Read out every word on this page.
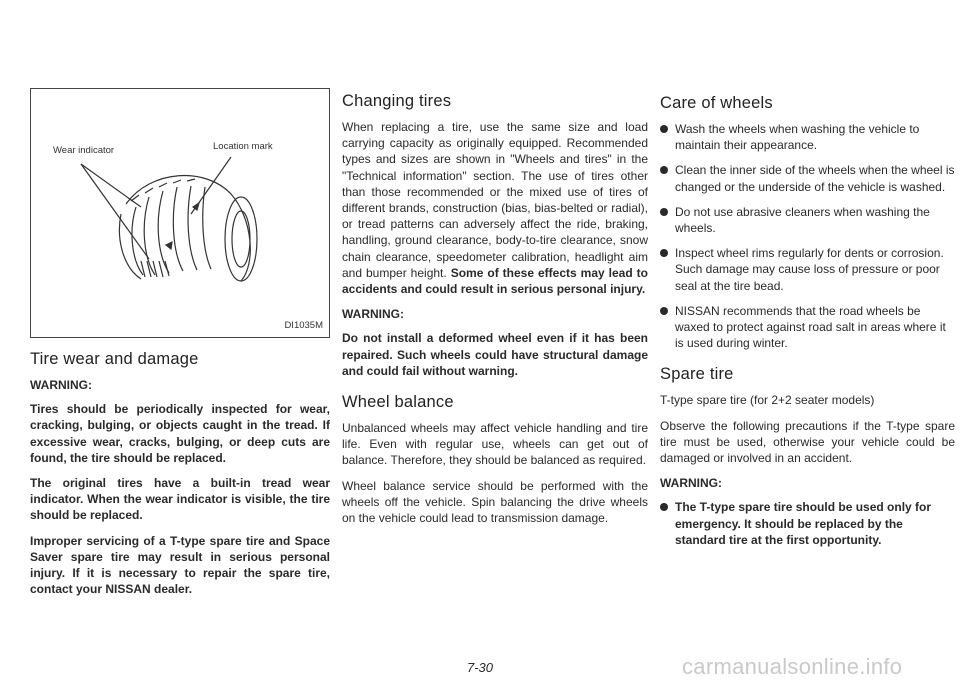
Wear indicator	Location mark
DI1035M
Tire wear and damage

WARNING:

Tires should be periodically inspected for wear, cracking, bulging, or objects caught in the tread. If excessive wear, cracks, bulging, or deep cuts are found, the tire should be replaced.

The original tires have a built-in tread wear indicator. When the wear indicator is visible, the tire should be replaced.

Improper servicing of a T-type spare tire and Space Saver spare tire may result in serious personal injury. If it is necessary to repair the spare tire, contact your NISSAN dealer.

Changing tires

When replacing a tire, use the same size and load carrying capacity as originally equipped. Recommended types and sizes are shown in "Wheels and tires" in the "Technical information" section. The use of tires other than those recommended or the mixed use of tires of different brands, construction (bias, bias-belted or radial), or tread patterns can adversely affect the ride, braking, handling, ground clearance, body-to-tire clearance, snow chain clearance, speedometer calibration, headlight aim and bumper height. Some of these effects may lead to accidents and could result in serious personal injury.

WARNING:

Do not install a deformed wheel even if it has been repaired. Such wheels could have structural damage and could fail without warning.

Wheel balance

Unbalanced wheels may affect vehicle handling and tire life. Even with regular use, wheels can get out of balance. Therefore, they should be balanced as required.

Wheel balance service should be performed with the wheels off the vehicle. Spin balancing the drive wheels on the vehicle could lead to transmission damage.

Care of wheels
Wash the wheels when washing the vehicle to maintain their appearance.
Clean the inner side of the wheels when the wheel is changed or the underside of the vehicle is washed.
Do not use abrasive cleaners when washing the wheels.
Inspect wheel rims regularly for dents or corrosion. Such damage may cause loss of pressure or poor seal at the tire bead.
NISSAN recommends that the road wheels be waxed to protect against road salt in areas where it is used during winter.
Spare tire

T-type spare tire (for 2+2 seater models)

Observe the following precautions if the T-type spare tire must be used, otherwise your vehicle could be damaged or involved in an accident.

WARNING:

The T-type spare tire should be used only for emergency. It should be replaced by the standard tire at the first opportunity.
7-30	carmanualsonline.info
